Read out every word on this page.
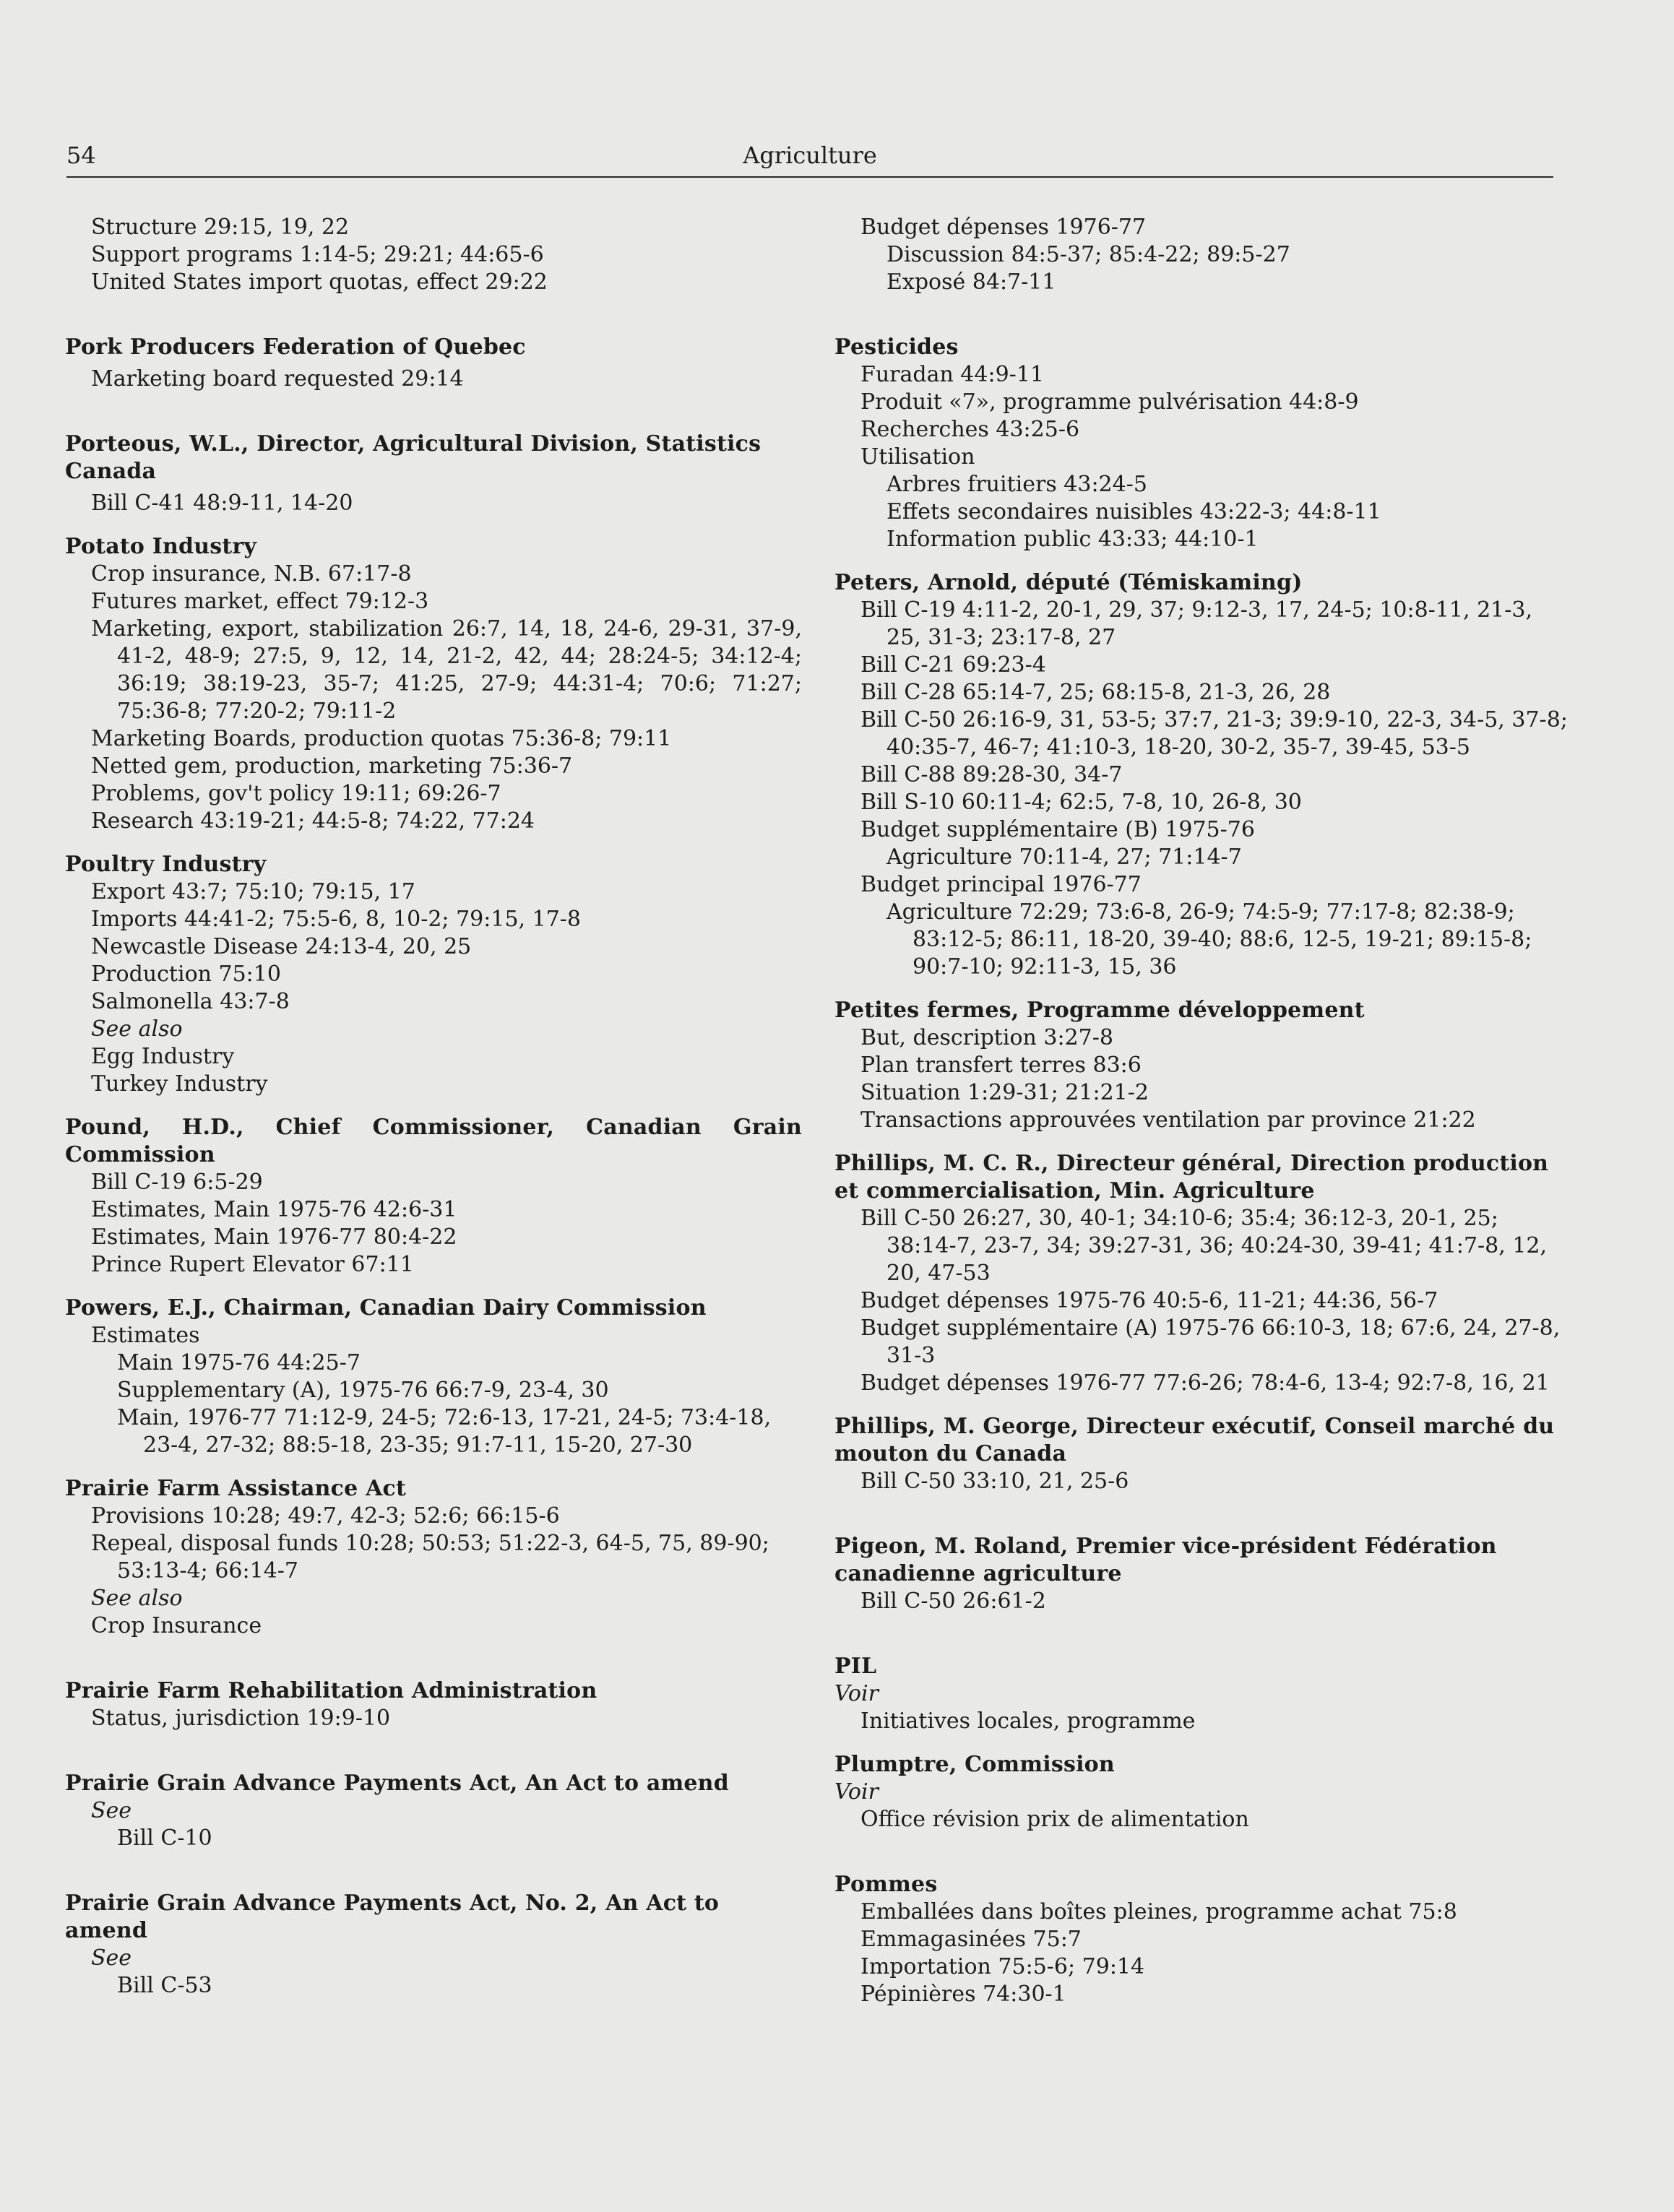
54	Agriculture
Structure 29:15, 19, 22
Support programs 1:14-5; 29:21; 44:65-6
United States import quotas, effect 29:22
Pork Producers Federation of Quebec
Marketing board requested 29:14
Porteous, W.L., Director, Agricultural Division, Statistics Canada
Bill C-41 48:9-11, 14-20
Potato Industry
Crop insurance, N.B. 67:17-8
Futures market, effect 79:12-3
Marketing, export, stabilization 26:7, 14, 18, 24-6, 29-31, 37-9, 41-2, 48-9; 27:5, 9, 12, 14, 21-2, 42, 44; 28:24-5; 34:12-4; 36:19; 38:19-23, 35-7; 41:25, 27-9; 44:31-4; 70:6; 71:27; 75:36-8; 77:20-2; 79:11-2
Marketing Boards, production quotas 75:36-8; 79:11
Netted gem, production, marketing 75:36-7
Problems, gov't policy 19:11; 69:26-7
Research 43:19-21; 44:5-8; 74:22, 77:24
Poultry Industry
Export 43:7; 75:10; 79:15, 17
Imports 44:41-2; 75:5-6, 8, 10-2; 79:15, 17-8
Newcastle Disease 24:13-4, 20, 25
Production 75:10
Salmonella 43:7-8
See also
Egg Industry
Turkey Industry
Pound, H.D., Chief Commissioner, Canadian Grain Commission
Bill C-19 6:5-29
Estimates, Main 1975-76 42:6-31
Estimates, Main 1976-77 80:4-22
Prince Rupert Elevator 67:11
Powers, E.J., Chairman, Canadian Dairy Commission
Estimates
Main 1975-76 44:25-7
Supplementary (A), 1975-76 66:7-9, 23-4, 30
Main, 1976-77 71:12-9, 24-5; 72:6-13, 17-21, 24-5; 73:4-18, 23-4, 27-32; 88:5-18, 23-35; 91:7-11, 15-20, 27-30
Prairie Farm Assistance Act
Provisions 10:28; 49:7, 42-3; 52:6; 66:15-6
Repeal, disposal funds 10:28; 50:53; 51:22-3, 64-5, 75, 89-90; 53:13-4; 66:14-7
See also
Crop Insurance
Prairie Farm Rehabilitation Administration
Status, jurisdiction 19:9-10
Prairie Grain Advance Payments Act, An Act to amend
See
Bill C-10
Prairie Grain Advance Payments Act, No. 2, An Act to amend
See
Bill C-53
Budget dépenses 1976-77
Discussion 84:5-37; 85:4-22; 89:5-27
Exposé 84:7-11
Pesticides
Furadan 44:9-11
Produit «7», programme pulvérisation 44:8-9
Recherches 43:25-6
Utilisation
Arbres fruitiers 43:24-5
Effets secondaires nuisibles 43:22-3; 44:8-11
Information public 43:33; 44:10-1
Peters, Arnold, député (Témiskaming)
Bill C-19 4:11-2, 20-1, 29, 37; 9:12-3, 17, 24-5; 10:8-11, 21-3, 25, 31-3; 23:17-8, 27
Bill C-21 69:23-4
Bill C-28 65:14-7, 25; 68:15-8, 21-3, 26, 28
Bill C-50 26:16-9, 31, 53-5; 37:7, 21-3; 39:9-10, 22-3, 34-5, 37-8; 40:35-7, 46-7; 41:10-3, 18-20, 30-2, 35-7, 39-45, 53-5
Bill C-88 89:28-30, 34-7
Bill S-10 60:11-4; 62:5, 7-8, 10, 26-8, 30
Budget supplémentaire (B) 1975-76
Agriculture 70:11-4, 27; 71:14-7
Budget principal 1976-77
Agriculture 72:29; 73:6-8, 26-9; 74:5-9; 77:17-8; 82:38-9; 83:12-5; 86:11, 18-20, 39-40; 88:6, 12-5, 19-21; 89:15-8; 90:7-10; 92:11-3, 15, 36
Petites fermes, Programme développement
But, description 3:27-8
Plan transfert terres 83:6
Situation 1:29-31; 21:21-2
Transactions approuvées ventilation par province 21:22
Phillips, M. C. R., Directeur général, Direction production et commercialisation, Min. Agriculture
Bill C-50 26:27, 30, 40-1; 34:10-6; 35:4; 36:12-3, 20-1, 25; 38:14-7, 23-7, 34; 39:27-31, 36; 40:24-30, 39-41; 41:7-8, 12, 20, 47-53
Budget dépenses 1975-76 40:5-6, 11-21; 44:36, 56-7
Budget supplémentaire (A) 1975-76 66:10-3, 18; 67:6, 24, 27-8, 31-3
Budget dépenses 1976-77 77:6-26; 78:4-6, 13-4; 92:7-8, 16, 21
Phillips, M. George, Directeur exécutif, Conseil marché du mouton du Canada
Bill C-50 33:10, 21, 25-6
Pigeon, M. Roland, Premier vice-président Fédération canadienne agriculture
Bill C-50 26:61-2
PIL
Voir
Initiatives locales, programme
Plumptre, Commission
Voir
Office révision prix de alimentation
Pommes
Emballées dans boîtes pleines, programme achat 75:8
Emmagasinées 75:7
Importation 75:5-6; 79:14
Pépinières 74:30-1
